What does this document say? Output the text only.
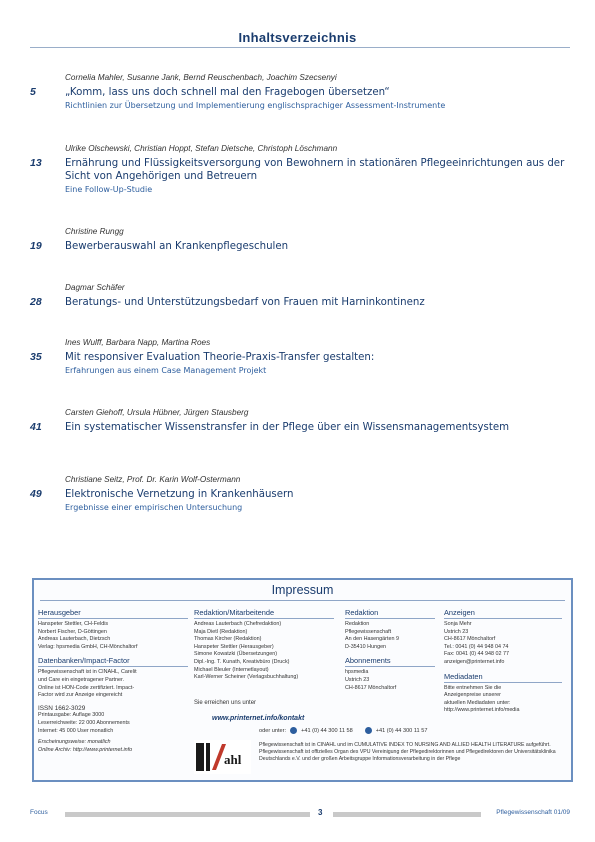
Inhaltsverzeichnis
Cornelia Mahler, Susanne Jank, Bernd Reuschenbach, Joachim Szecsenyi
5	„Komm, lass uns doch schnell mal den Fragebogen übersetzen“
Richtlinien zur Übersetzung und Implementierung englischsprachiger Assessment-Instrumente
Ulrike Olschewski, Christian Hoppt, Stefan Dietsche, Christoph Löschmann
13	Ernährung und Flüssigkeitsversorgung von Bewohnern in stationären Pflegeeinrichtungen aus der Sicht von Angehörigen und Betreuern
Eine Follow-Up-Studie
Christine Rungg
19	Bewerberauswahl an Krankenpflegeschulen
Dagmar Schäfer
28	Beratungs- und Unterstützungsbedarf von Frauen mit Harninkontinenz
Ines Wulff, Barbara Napp, Martina Roes
35	Mit responsiver Evaluation Theorie-Praxis-Transfer gestalten:
Erfahrungen aus einem Case Management Projekt
Carsten Giehoff, Ursula Hübner, Jürgen Stausberg
41	Ein systematischer Wissenstransfer in der Pflege über ein Wissensmanagementsystem
Christiane Seitz, Prof. Dr. Karin Wolf-Ostermann
49	Elektronische Vernetzung in Krankenhäusern
Ergebnisse einer empirischen Untersuchung
Impressum
Herausgeber
Hanspeter Stettler, CH-Feldis
Norbert Fischer, D-Göttingen
Andreas Lauterbach, Dietzsch
Verlag: hpsmedia GmbH, CH-Mönchaltorf
Datenbanken/Impact-Factor
Pflegewissenschaft ist in CINAHL, Carelit
und Care ein eingetragener Partner.
Online ist HON-Code zertifiziert. Impact-
Factor wird zur Anzeige eingereicht
ISSN 1662-3029
Printausgabe: Auflage 3000
Leserreichweite: 22 000 Abonnements
Internet: 45 000 User monatlich
Erscheinungsweise: monatlich
Online Archiv: http://www.printernet.info
Redaktion/Mitarbeitende
Andreas Lauterbach (Chefredaktion)
Maja Dietl (Redaktion)
Thomas Kircher (Redaktion)
Hanspeter Stettler (Herausgeber)
Simone Kowatzki (Übersetzungen)
Dipl.-Ing. T. Kunath, Kreativbüro (Druck)
Michael Bleuler (Internetlayout)
Karl-Werner Scheiner (Verlagsbuchhaltung)
Sie erreichen uns unter
Redaktion
Redaktion
Pflegewissenschaft
An den Hasengärten 9
D-35410 Hungen
Abonnements
hpsmedia
Ustrich 23
CH-8617 Mönchaltorf
Anzeigen
Sonja Mehr
Ustrich 23
CH-8617 Mönchaltorf
Tel.: 0041 (0) 44 948 04 74
Fax: 0041 (0) 44 948 02 77
anzeigen@printernet.info
Mediadaten
Bitte entnehmen Sie die
Anzeigenpreise unserer
aktuellen Mediadaten unter:
http://www.printernet.info/media
www.printernet.info/kontakt
oder unter:	+41 (0) 44 300 11 58	+41 (0) 44 300 11 57
ahl
Pflegewissenschaft ist in CINAHL und im CUMULATIVE INDEX TO NURSING AND ALLIED HEALTH LITERATURE aufgeführt. Pflegewissenschaft ist offizielles Organ des VPU Vereinigung der Pflegedirektorinnen und Pflegedirektoren der Universitätsklinika Deutschlands e.V. und der großen Arbeitsgruppe Informationsverarbeitung in der Pflege
Focus	3	Pflegewissenschaft 01/09
